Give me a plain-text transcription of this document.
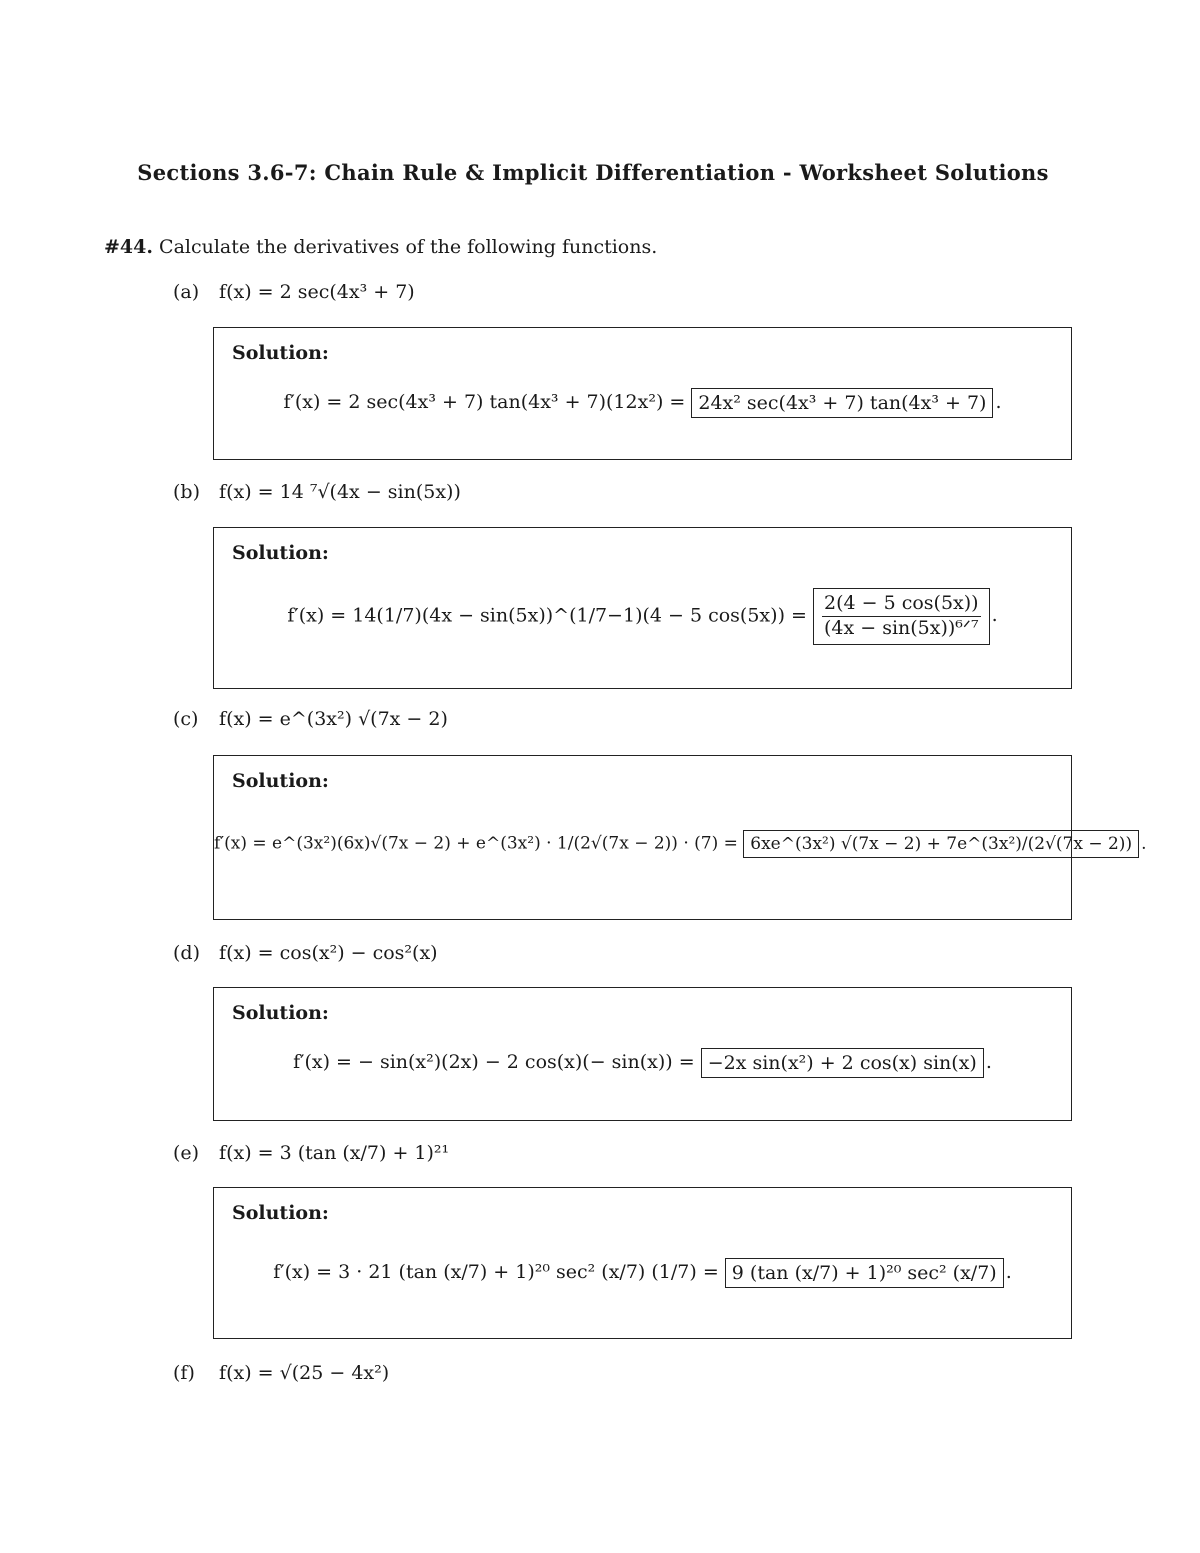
Sections 3.6-7: Chain Rule & Implicit Differentiation - Worksheet Solutions
#44. Calculate the derivatives of the following functions.
(a) f(x) = 2 sec(4x³ + 7)
Solution:
f′(x) = 2 sec(4x³ + 7) tan(4x³ + 7)(12x²) = 24x² sec(4x³ + 7) tan(4x³ + 7) .
(b) f(x) = 14 ⁷√(4x − sin(5x))
Solution:
f′(x) = 14(1/7)(4x − sin(5x))^(1/7−1)(4 − 5 $\cos(5x)) = \frac{2(4 - 5 \cos(5x))}{\text{(4x − sin(5x))⁶ᐟ⁷}}$ .
(c) f(x) = e^(3x²) √(7x − 2)
Solution:
f′(x) = e^(3x²)(6x)√(7x − 2) + e^(3x²) · 1/(2√(7x − 2)) · (7) = 6xe^(3x²) √(7x − 2) + 7e^(3x²)/(2√(7x − 2)) .
(d) f(x) = cos(x²) − cos²(x)
Solution:
f′(x) = − sin(x²)(2x) − 2 cos(x)(− sin(x)) = −2x sin(x²) + 2 cos(x) sin(x) .
(e) f(x) = 3 (tan (x/7) + 1)²¹
Solution:
f′(x) = 3 · 21 (tan (x/7) + 1)²⁰ sec² (x/7) (1/7) = 9 (tan (x/7) + 1)²⁰ sec² (x/7) .
(f) f(x) = √(25 − 4x²)
